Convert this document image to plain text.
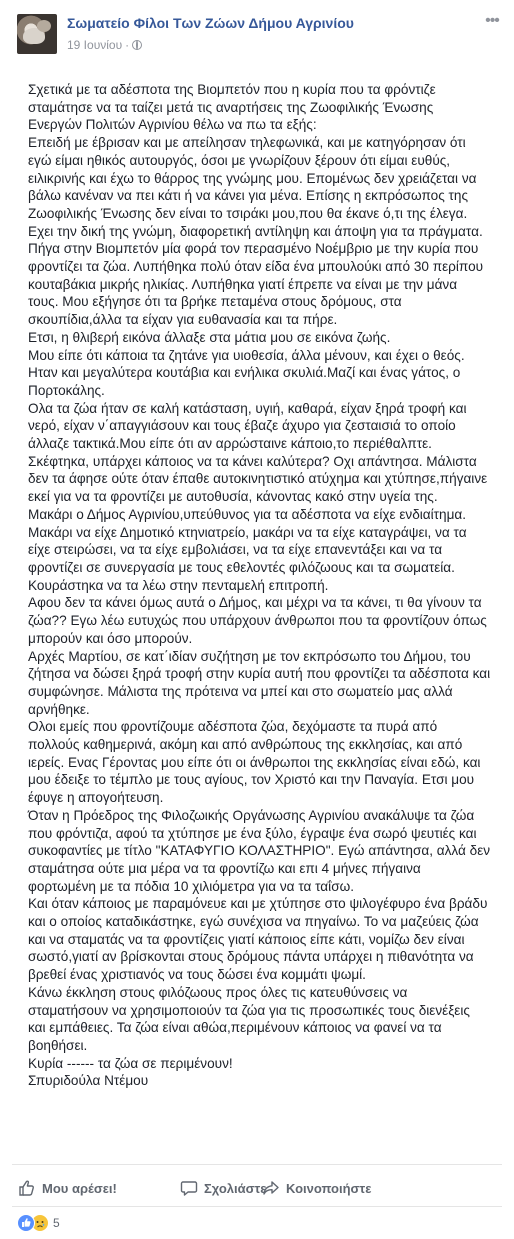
Σωματείο Φίλοι Των Ζώων Δήμου Αγρινίου
19 Ιουνίου ·
•••

Σχετικά με τα αδέσποτα της Βιομπετόν που η κυρία που τα φρόντιζε

σταμάτησε να τα ταίζει μετά τις αναρτήσεις της Ζωοφιλικής Ένωσης

Ενεργών Πολιτών Αγρινίου θέλω να πω τα εξής:

Επειδή με έβρισαν και με απείλησαν τηλεφωνικά, και με κατηγόρησαν ότι

εγώ είμαι ηθικός αυτουργός, όσοι με γνωρίζουν ξέρουν ότι είμαι ευθύς,

ειλικρινής και έχω το θάρρος της γνώμης μου. Επομένως δεν χρειάζεται να

βάλω κανέναν να πει κάτι ή να κάνει για μένα. Επίσης η εκπρόσωπος της

Ζωοφιλικής Ένωσης δεν είναι το τσιράκι μου,που θα έκανε ό,τι της έλεγα.

Εχει την δική της γνώμη, διαφορετική αντίληψη και άποψη για τα πράγματα.

Πήγα στην Βιομπετόν μία φορά τον περασμένο Νοέμβριο με την κυρία που

φροντίζει τα ζώα. Λυπήθηκα πολύ όταν είδα ένα μπουλούκι από 30 περίπου

κουταβάκια μικρής ηλικίας. Λυπήθηκα γιατί έπρεπε να είναι με την μάνα

τους. Μου εξήγησε ότι τα βρήκε πεταμένα στους δρόμους, στα

σκουπίδια,άλλα τα είχαν για ευθανασία και τα πήρε.

Ετσι, η θλιβερή εικόνα άλλαξε στα μάτια μου σε εικόνα ζωής.

Μου είπε ότι κάποια τα ζητάνε για υιοθεσία, άλλα μένουν, και έχει ο θεός.

Ηταν και μεγαλύτερα κουτάβια και ενήλικα σκυλιά.Μαζί και ένας γάτος, ο

Πορτοκάλης.

Ολα τα ζώα ήταν σε καλή κατάσταση, υγιή, καθαρά, είχαν ξηρά τροφή και

νερό, είχαν ν΄απαγγιάσουν και τους έβαζε άχυρο για ζεσταισιά το οποίο

άλλαζε τακτικά.Μου είπε ότι αν αρρώσταινε κάποιο,το περιέθαλπτε.

Σκέφτηκα, υπάρχει κάποιος να τα κάνει καλύτερα? Οχι απάντησα. Μάλιστα

δεν τα άφησε ούτε όταν έπαθε αυτοκινητιστικό ατύχημα και χτύπησε,πήγαινε

εκεί για να τα φροντίζει με αυτοθυσία, κάνοντας κακό στην υγεία της.

Μακάρι ο Δήμος Αγρινίου,υπεύθυνος για τα αδέσποτα να είχε ενδιαίτημα.

Μακάρι να είχε Δημοτικό κτηνιατρείο, μακάρι να τα είχε καταγράψει, να τα

είχε στειρώσει, να τα είχε εμβολιάσει, να τα είχε επανεντάξει και να τα

φροντίζει σε συνεργασία με τους εθελοντές φιλόζωους και τα σωματεία.

Κουράστηκα να τα λέω στην πενταμελή επιτροπή.

Αφου δεν τα κάνει όμως αυτά ο Δήμος, και μέχρι να τα κάνει, τι θα γίνουν τα

ζώα?? Εγω λέω ευτυχώς που υπάρχουν άνθρωποι που τα φροντίζουν όπως

μπορούν και όσο μπορούν.

Αρχές Μαρτίου, σε κατ΄ιδίαν συζήτηση με τον εκπρόσωπο του Δήμου, του

ζήτησα να δώσει ξηρά τροφή στην κυρία αυτή που φροντίζει τα αδέσποτα και

συμφώνησε. Μάλιστα της πρότεινα να μπεί και στο σωματείο μας αλλά

αρνήθηκε.

Ολοι εμείς που φροντίζουμε αδέσποτα ζώα, δεχόμαστε τα πυρά από

πολλούς καθημερινά, ακόμη και από ανθρώπους της εκκλησίας, και από

ιερείς. Ενας Γέροντας μου είπε ότι οι άνθρωποι της εκκλησίας είναι εδώ, και

μου έδειξε το τέμπλο με τους αγίους, τον Χριστό και την Παναγία. Ετσι μου

έφυγε η απογοήτευση.

Όταν η Πρόεδρος της Φιλοζωικής Οργάνωσης Αγρινίου ανακάλυψε τα ζώα

που φρόντιζα, αφού τα χτύπησε με ένα ξύλο, έγραψε ένα σωρό ψευτιές και

συκοφαντίες με τίτλο "ΚΑΤΑΦΥΓΙΟ ΚΟΛΑΣΤΗΡΙΟ". Εγώ απάντησα, αλλά δεν

σταμάτησα ούτε μια μέρα να τα φροντίζω και επι 4 μήνες πήγαινα

φορτωμένη με τα πόδια 10 χιλιόμετρα για να τα ταΐσω.

Και όταν κάποιος με παραμόνευε και με χτύπησε στο ψιλογέφυρο ένα βράδυ

και ο οποίος καταδικάστηκε, εγώ συνέχισα να πηγαίνω. Το να μαζεύεις ζώα

και να σταματάς να τα φροντίζεις γιατί κάποιος είπε κάτι, νομίζω δεν είναι

σωστό,γιατί αν βρίσκονται στους δρόμους πάντα υπάρχει η πιθανότητα να

βρεθεί ένας χριστιανός να τους δώσει ένα κομμάτι ψωμί.

Κάνω έκκληση στους φιλόζωους προς όλες τις κατευθύνσεις να

σταματήσουν να χρησιμοποιούν τα ζώα για τις προσωπικές τους διενέξεις

και εμπάθειες. Τα ζώα είναι αθώα,περιμένουν κάποιος να φανεί να τα

βοηθήσει.

Κυρία ------ τα ζώα σε περιμένουν!

Σπυριδούλα Ντέμου

Μου αρέσει!	Σχολιάστε Κοινοποιήστε
5
